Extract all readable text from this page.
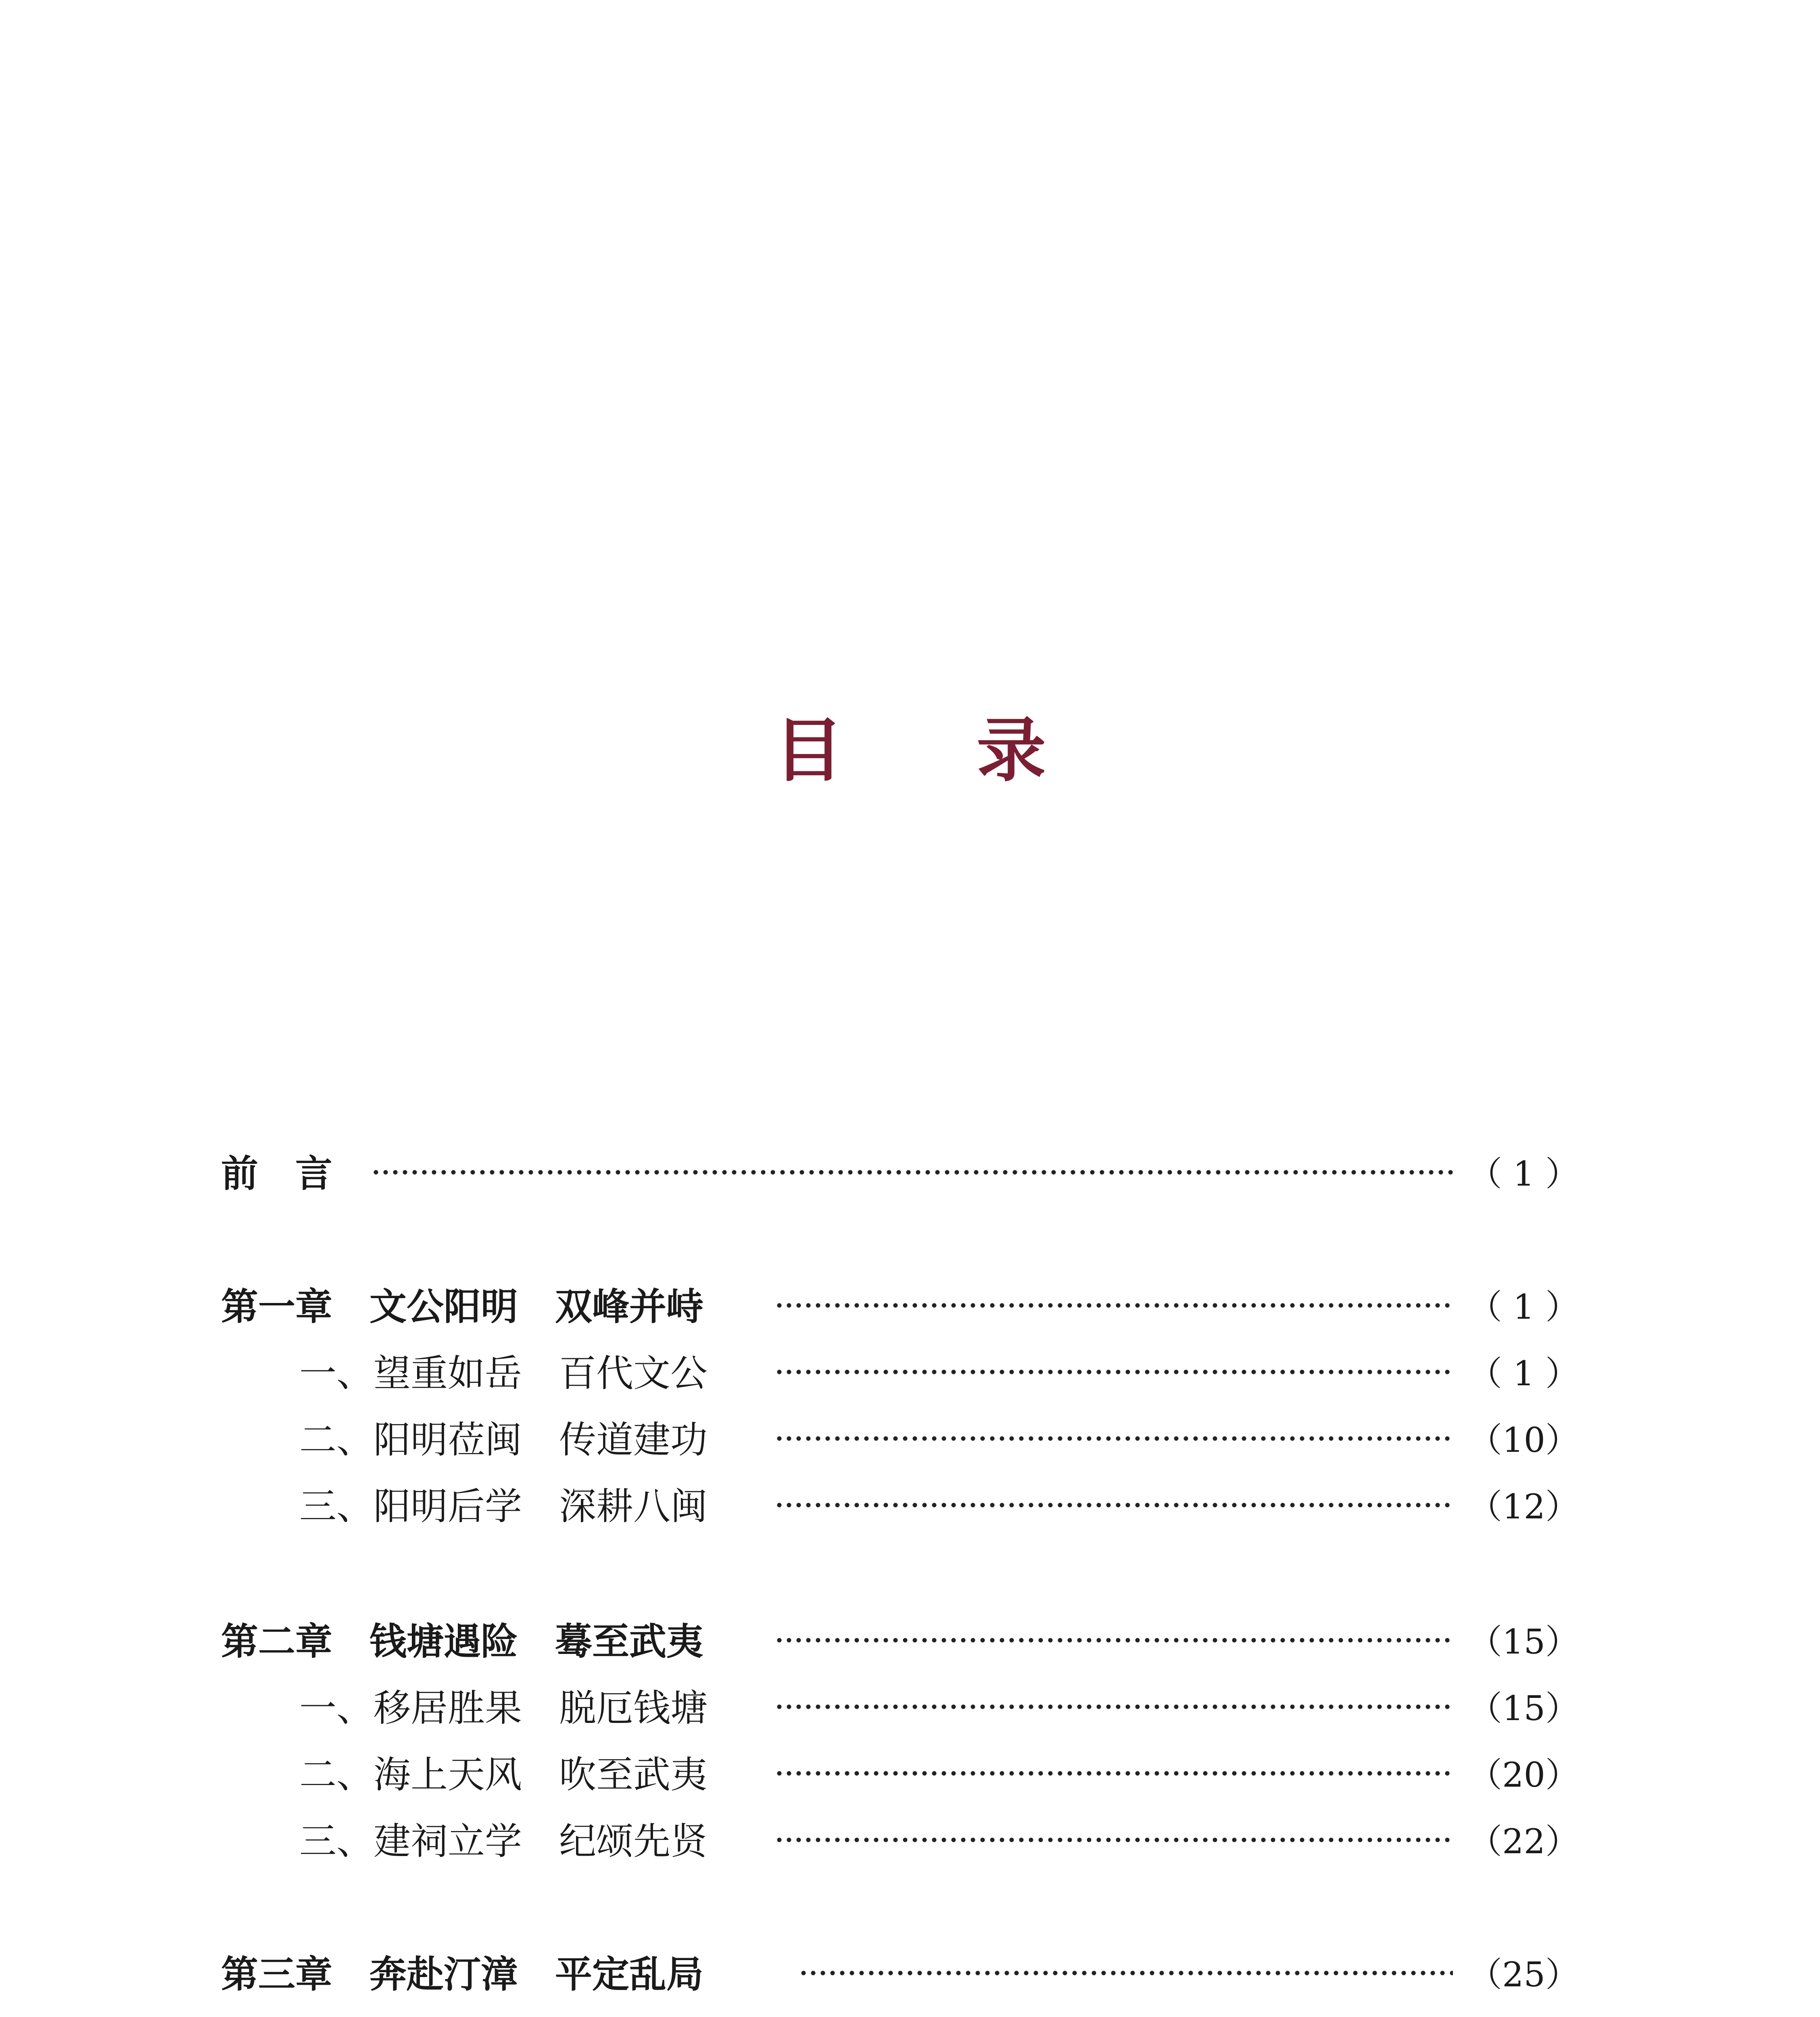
目 录
前　言	（ 1 ）
第一章　文公阳明　双峰并峙	（ 1 ）
一、望重如岳　百代文公	（ 1 ）
二、阳明莅闽　传道建功	（10）
三、阳明后学　深耕八闽	（12）
第二章　钱塘遇险　蓦至武夷	（15）
一、移居胜果　脱厄钱塘	（15）
二、海上天风　吹至武夷	（20）
三、建祠立学　纪颂先贤	（22）
第三章　奔赴汀漳　平定乱局	（25）
